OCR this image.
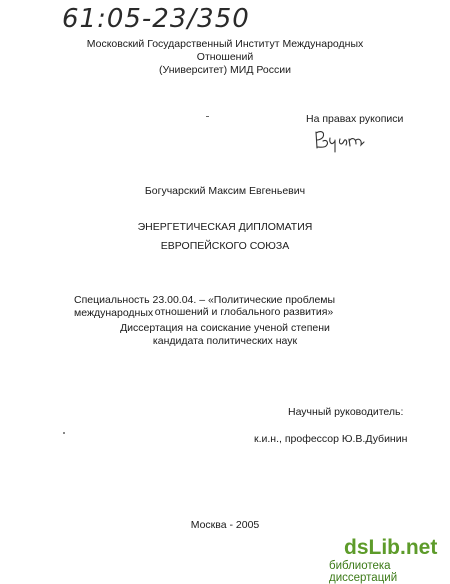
61:05-23/350
Московский Государственный Институт Международных Отношений
(Университет) МИД России
На правах рукописи
Богучарский Максим Евгеньевич
ЭНЕРГЕТИЧЕСКАЯ ДИПЛОМАТИЯ
ЕВРОПЕЙСКОГО СОЮЗА
Специальность 23.00.04. – «Политические проблемы международных отношений и глобального развития»
Диссертация на соискание ученой степени
кандидата политических наук
Научный руководитель:
к.и.н., профессор Ю.В.Дубинин
Москва - 2005
dsLib.net
библиотека диссертаций
